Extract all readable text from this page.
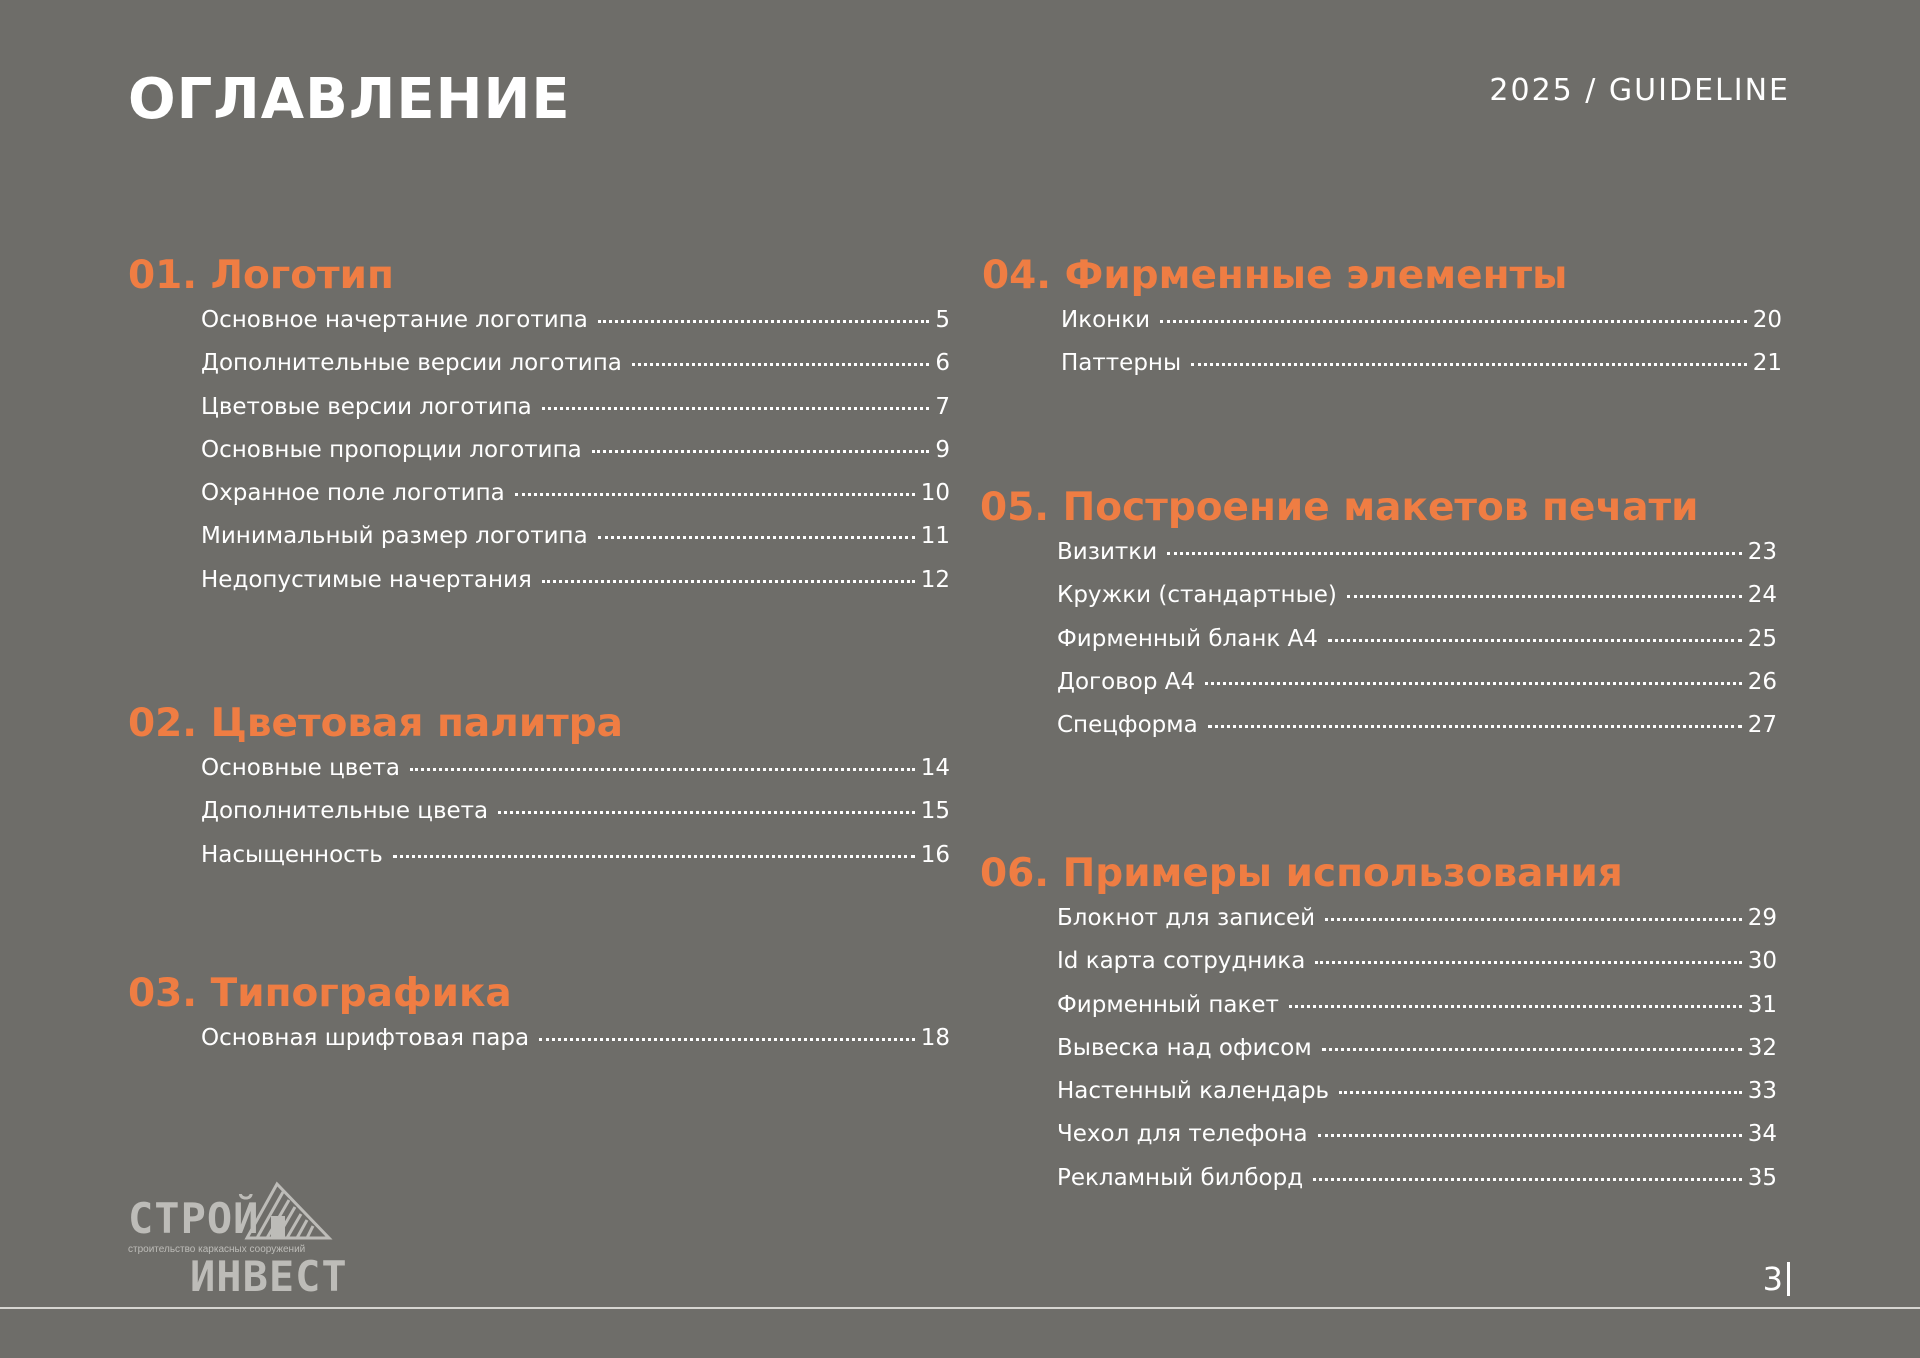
ОГЛАВЛЕНИЕ	2025 / GUIDELINE
01. Логотип
Основное начертание логотипа	5
Дополнительные версии логотипа	6
Цветовые версии логотипа	7
Основные пропорции логотипа	9
Охранное поле логотипа	10
Минимальный размер логотипа	11
Недопустимые начертания	12
02. Цветовая палитра
Основные цвета	14
Дополнительные цвета	15
Насыщенность	16
03. Типографика
Основная шрифтовая пара	18
04. Фирменные элементы
Иконки	20
Паттерны	21
05. Построение макетов печати
Визитки	23
Кружки (стандартные)	24
Фирменный бланк А4	25
Договор А4	26
Спецформа	27
06. Примеры использования
Блокнот для записей	29
Id карта сотрудника	30
Фирменный пакет	31
Вывеска над офисом	32
Настенный календарь	33
Чехол для телефона	34
Рекламный билборд	35
СТРОЙ
строительство каркасных сооружений
ИНВЕСТ	3
